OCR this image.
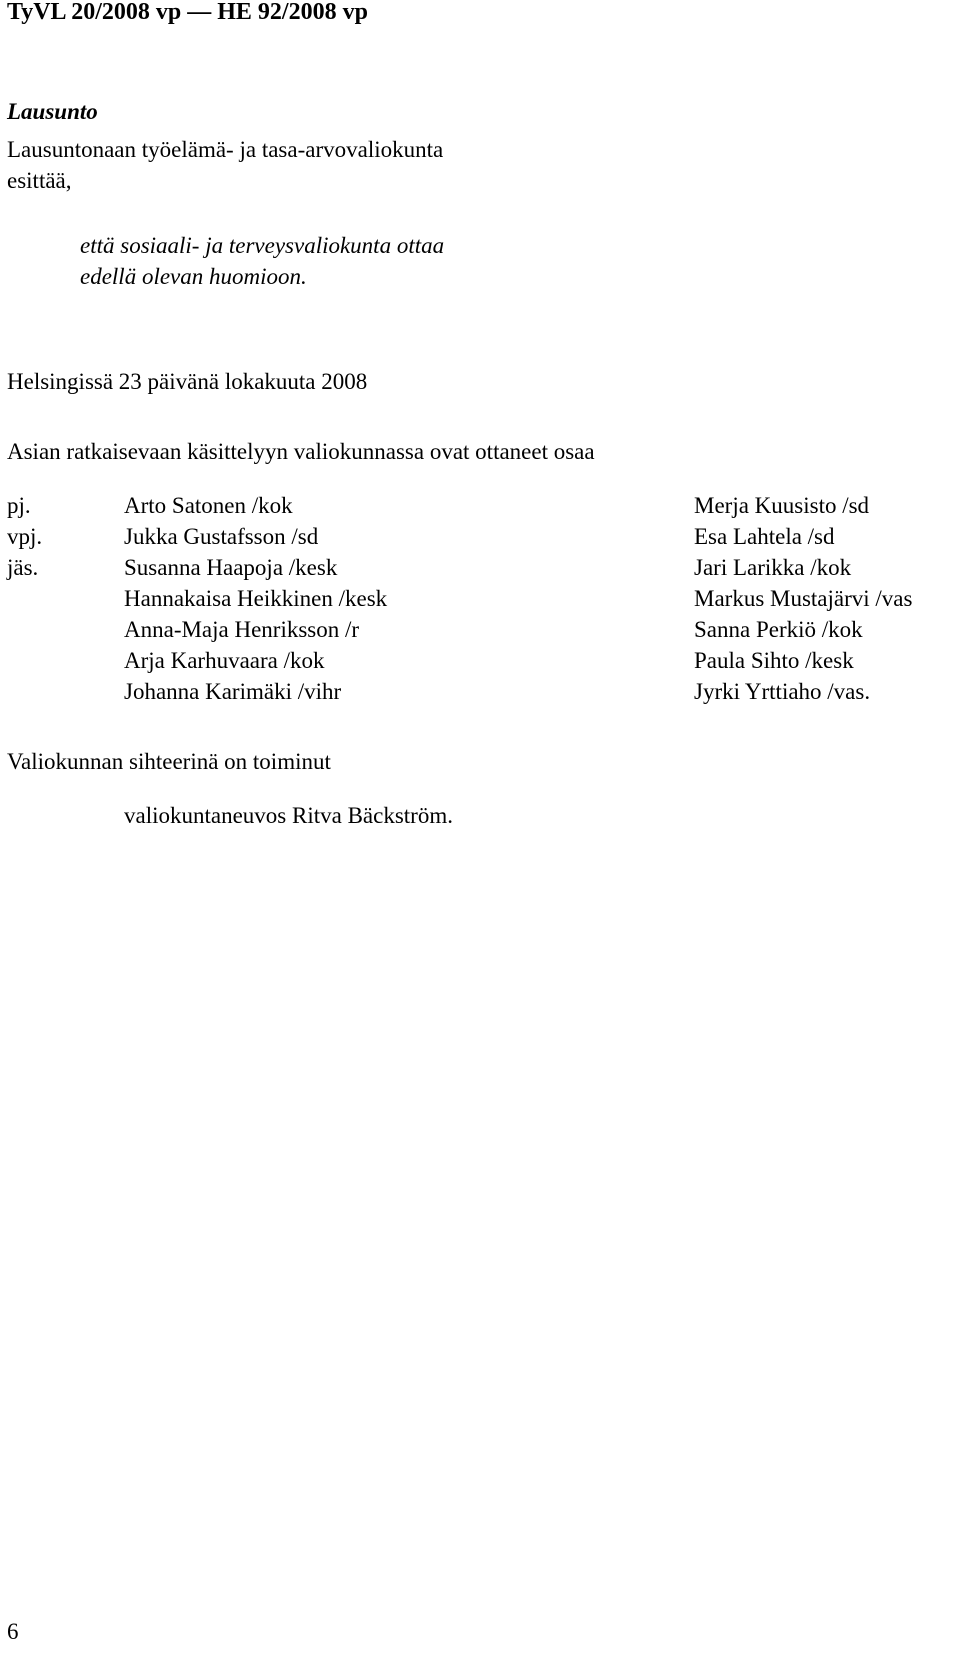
TyVL 20/2008 vp — HE 92/2008 vp
Lausunto
Lausuntonaan työelämä- ja tasa-arvovaliokunta
esittää,
että sosiaali- ja terveysvaliokunta ottaa
edellä olevan huomioon.
Helsingissä 23 päivänä lokakuuta 2008
Asian ratkaisevaan käsittelyyn valiokunnassa ovat ottaneet osaa
pj.
vpj.
jäs.
Arto Satonen /kok
Jukka Gustafsson /sd
Susanna Haapoja /kesk
Hannakaisa Heikkinen /kesk
Anna-Maja Henriksson /r
Arja Karhuvaara /kok
Johanna Karimäki /vihr
Merja Kuusisto /sd
Esa Lahtela /sd
Jari Larikka /kok
Markus Mustajärvi /vas
Sanna Perkiö /kok
Paula Sihto /kesk
Jyrki Yrttiaho /vas.
Valiokunnan sihteerinä on toiminut
valiokuntaneuvos Ritva Bäckström.
6
